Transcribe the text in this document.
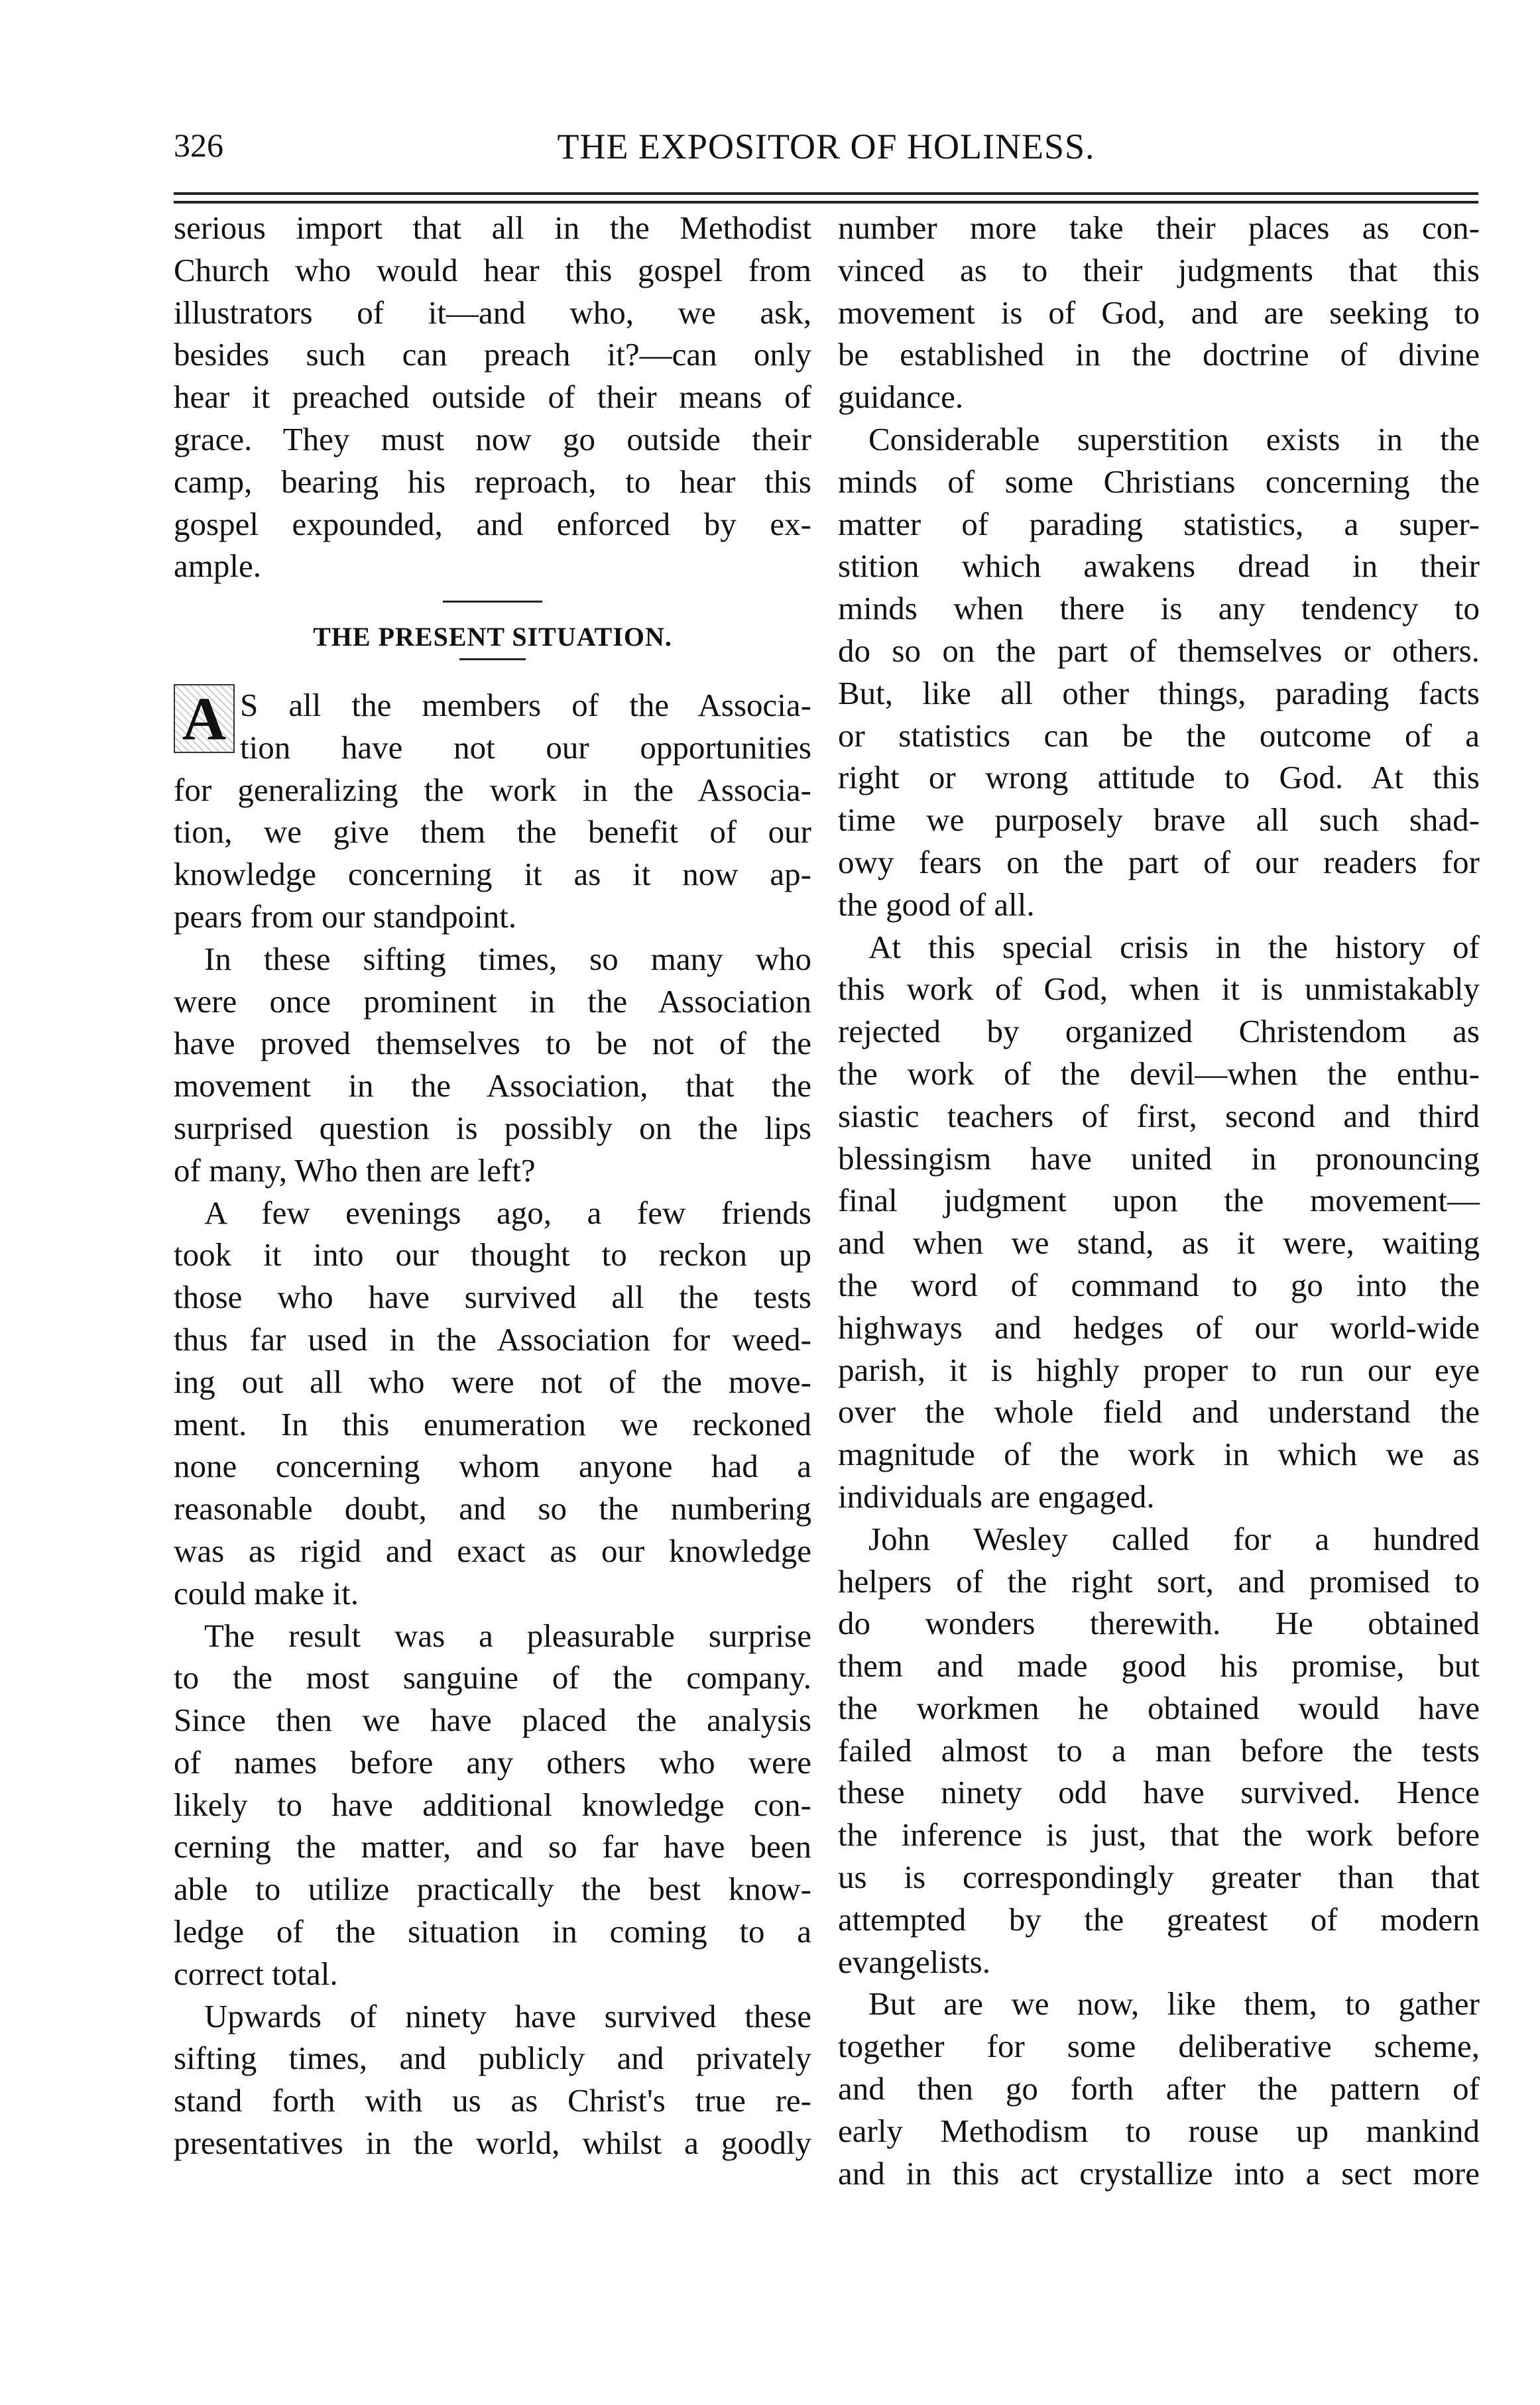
326	THE EXPOSITOR OF HOLINESS.
serious import that all in the Methodist
Church who would hear this gospel from
illustrators of it—and who, we ask,
besides such can preach it?—can only
hear it preached outside of their means of
grace. They must now go outside their
camp, bearing his reproach, to hear this
gospel expounded, and enforced by ex-
ample.
THE PRESENT SITUATION.
A S all the members of the Associa-
tion have not our opportunities
for generalizing the work in the Associa-
tion, we give them the benefit of our
knowledge concerning it as it now ap-
pears from our standpoint.
In these sifting times, so many who
were once prominent in the Association
have proved themselves to be not of the
movement in the Association, that the
surprised question is possibly on the lips
of many, Who then are left?
A few evenings ago, a few friends
took it into our thought to reckon up
those who have survived all the tests
thus far used in the Association for weed-
ing out all who were not of the move-
ment. In this enumeration we reckoned
none concerning whom anyone had a
reasonable doubt, and so the numbering
was as rigid and exact as our knowledge
could make it.
The result was a pleasurable surprise
to the most sanguine of the company.
Since then we have placed the analysis
of names before any others who were
likely to have additional knowledge con-
cerning the matter, and so far have been
able to utilize practically the best know-
ledge of the situation in coming to a
correct total.
Upwards of ninety have survived these
sifting times, and publicly and privately
stand forth with us as Christ's true re-
presentatives in the world, whilst a goodly
number more take their places as con-
vinced as to their judgments that this
movement is of God, and are seeking to
be established in the doctrine of divine
guidance.
Considerable superstition exists in the
minds of some Christians concerning the
matter of parading statistics, a super-
stition which awakens dread in their
minds when there is any tendency to
do so on the part of themselves or others.
But, like all other things, parading facts
or statistics can be the outcome of a
right or wrong attitude to God. At this
time we purposely brave all such shad-
owy fears on the part of our readers for
the good of all.
At this special crisis in the history of
this work of God, when it is unmistakably
rejected by organized Christendom as
the work of the devil—when the enthu-
siastic teachers of first, second and third
blessingism have united in pronouncing
final judgment upon the movement—
and when we stand, as it were, waiting
the word of command to go into the
highways and hedges of our world-wide
parish, it is highly proper to run our eye
over the whole field and understand the
magnitude of the work in which we as
individuals are engaged.
John Wesley called for a hundred
helpers of the right sort, and promised to
do wonders therewith. He obtained
them and made good his promise, but
the workmen he obtained would have
failed almost to a man before the tests
these ninety odd have survived. Hence
the inference is just, that the work before
us is correspondingly greater than that
attempted by the greatest of modern
evangelists.
But are we now, like them, to gather
together for some deliberative scheme,
and then go forth after the pattern of
early Methodism to rouse up mankind
and in this act crystallize into a sect more
